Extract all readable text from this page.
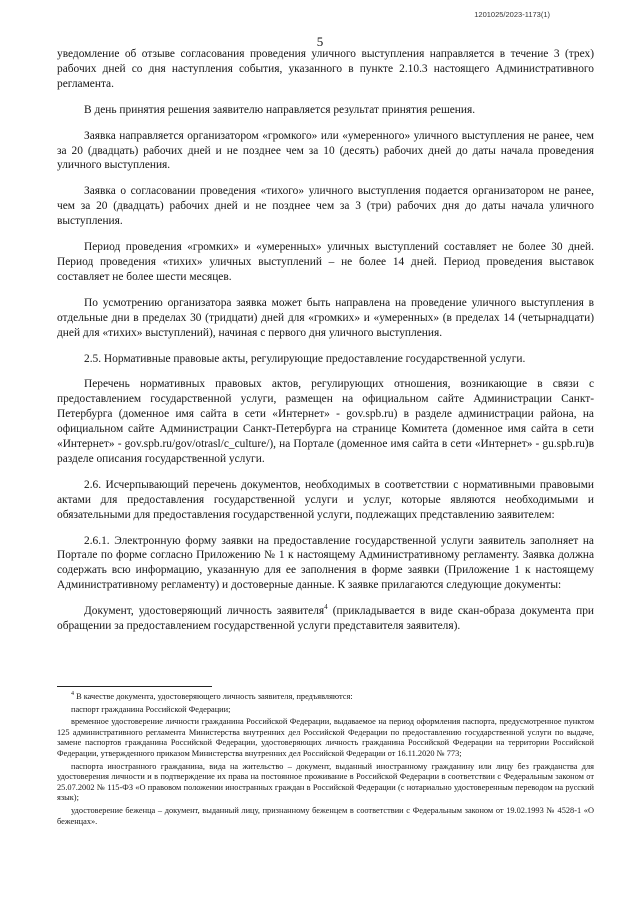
1201025/2023-1173(1)
5

уведомление об отзыве согласования проведения уличного выступления направляется в течение 3 (трех) рабочих дней со дня наступления события, указанного в пункте 2.10.3 настоящего Административного регламента.

В день принятия решения заявителю направляется результат принятия решения.

Заявка направляется организатором «громкого» или «умеренного» уличного выступления не ранее, чем за 20 (двадцать) рабочих дней и не позднее чем за 10 (десять) рабочих дней до даты начала проведения уличного выступления.

Заявка о согласовании проведения «тихого» уличного выступления подается организатором не ранее, чем за 20 (двадцать) рабочих дней и не позднее чем за 3 (три) рабочих дня до даты начала уличного выступления.

Период проведения «громких» и «умеренных» уличных выступлений составляет не более 30 дней. Период проведения «тихих» уличных выступлений – не более 14 дней. Период проведения выставок составляет не более шести месяцев.

По усмотрению организатора заявка может быть направлена на проведение уличного выступления в отдельные дни в пределах 30 (тридцати) дней для «громких» и «умеренных» (в пределах 14 (четырнадцати) дней для «тихих» выступлений), начиная с первого дня уличного выступления.

2.5. Нормативные правовые акты, регулирующие предоставление государственной услуги.

Перечень нормативных правовых актов, регулирующих отношения, возникающие в связи с предоставлением государственной услуги, размещен на официальном сайте Администрации Санкт-Петербурга (доменное имя сайта в сети «Интернет» - gov.spb.ru) в разделе администрации района, на официальном сайте Администрации Санкт-Петербурга на странице Комитета (доменное имя сайта в сети «Интернет» - gov.spb.ru/gov/otrasl/c_culture/), на Портале (доменное имя сайта в сети «Интернет» - gu.spb.ru)в разделе описания государственной услуги.

2.6. Исчерпывающий перечень документов, необходимых в соответствии с нормативными правовыми актами для предоставления государственной услуги и услуг, которые являются необходимыми и обязательными для предоставления государственной услуги, подлежащих представлению заявителем:

2.6.1. Электронную форму заявки на предоставление государственной услуги заявитель заполняет на Портале по форме согласно Приложению № 1 к настоящему Административному регламенту. Заявка должна содержать всю информацию, указанную для ее заполнения в форме заявки (Приложение 1 к настоящему Административному регламенту) и достоверные данные. К заявке прилагаются следующие документы:

Документ, удостоверяющий личность заявителя$^4$ (прикладывается в виде скан-образа документа при обращении за предоставлением государственной услуги представителя заявителя).

$^4$ В качестве документа, удостоверяющего личность заявителя, предъявляются:

паспорт гражданина Российской Федерации;

временное удостоверение личности гражданина Российской Федерации, выдаваемое на период оформления паспорта, предусмотренное пунктом 125 административного регламента Министерства внутренних дел Российской Федерации по предоставлению государственной услуги по выдаче, замене паспортов гражданина Российской Федерации, удостоверяющих личность гражданина Российской Федерации на территории Российской Федерации, утвержденного приказом Министерства внутренних дел Российской Федерации от 16.11.2020 № 773;

паспорта иностранного гражданина, вида на жительство – документ, выданный иностранному гражданину или лицу без гражданства для удостоверения личности и в подтверждение их права на постоянное проживание в Российской Федерации в соответствии с Федеральным законом от 25.07.2002 № 115-ФЗ «О правовом положении иностранных граждан в Российской Федерации (с нотариально удостоверенным переводом на русский язык);

удостоверение беженца – документ, выданный лицу, признанному беженцем в соответствии с Федеральным законом от 19.02.1993 № 4528-1 «О беженцах».
